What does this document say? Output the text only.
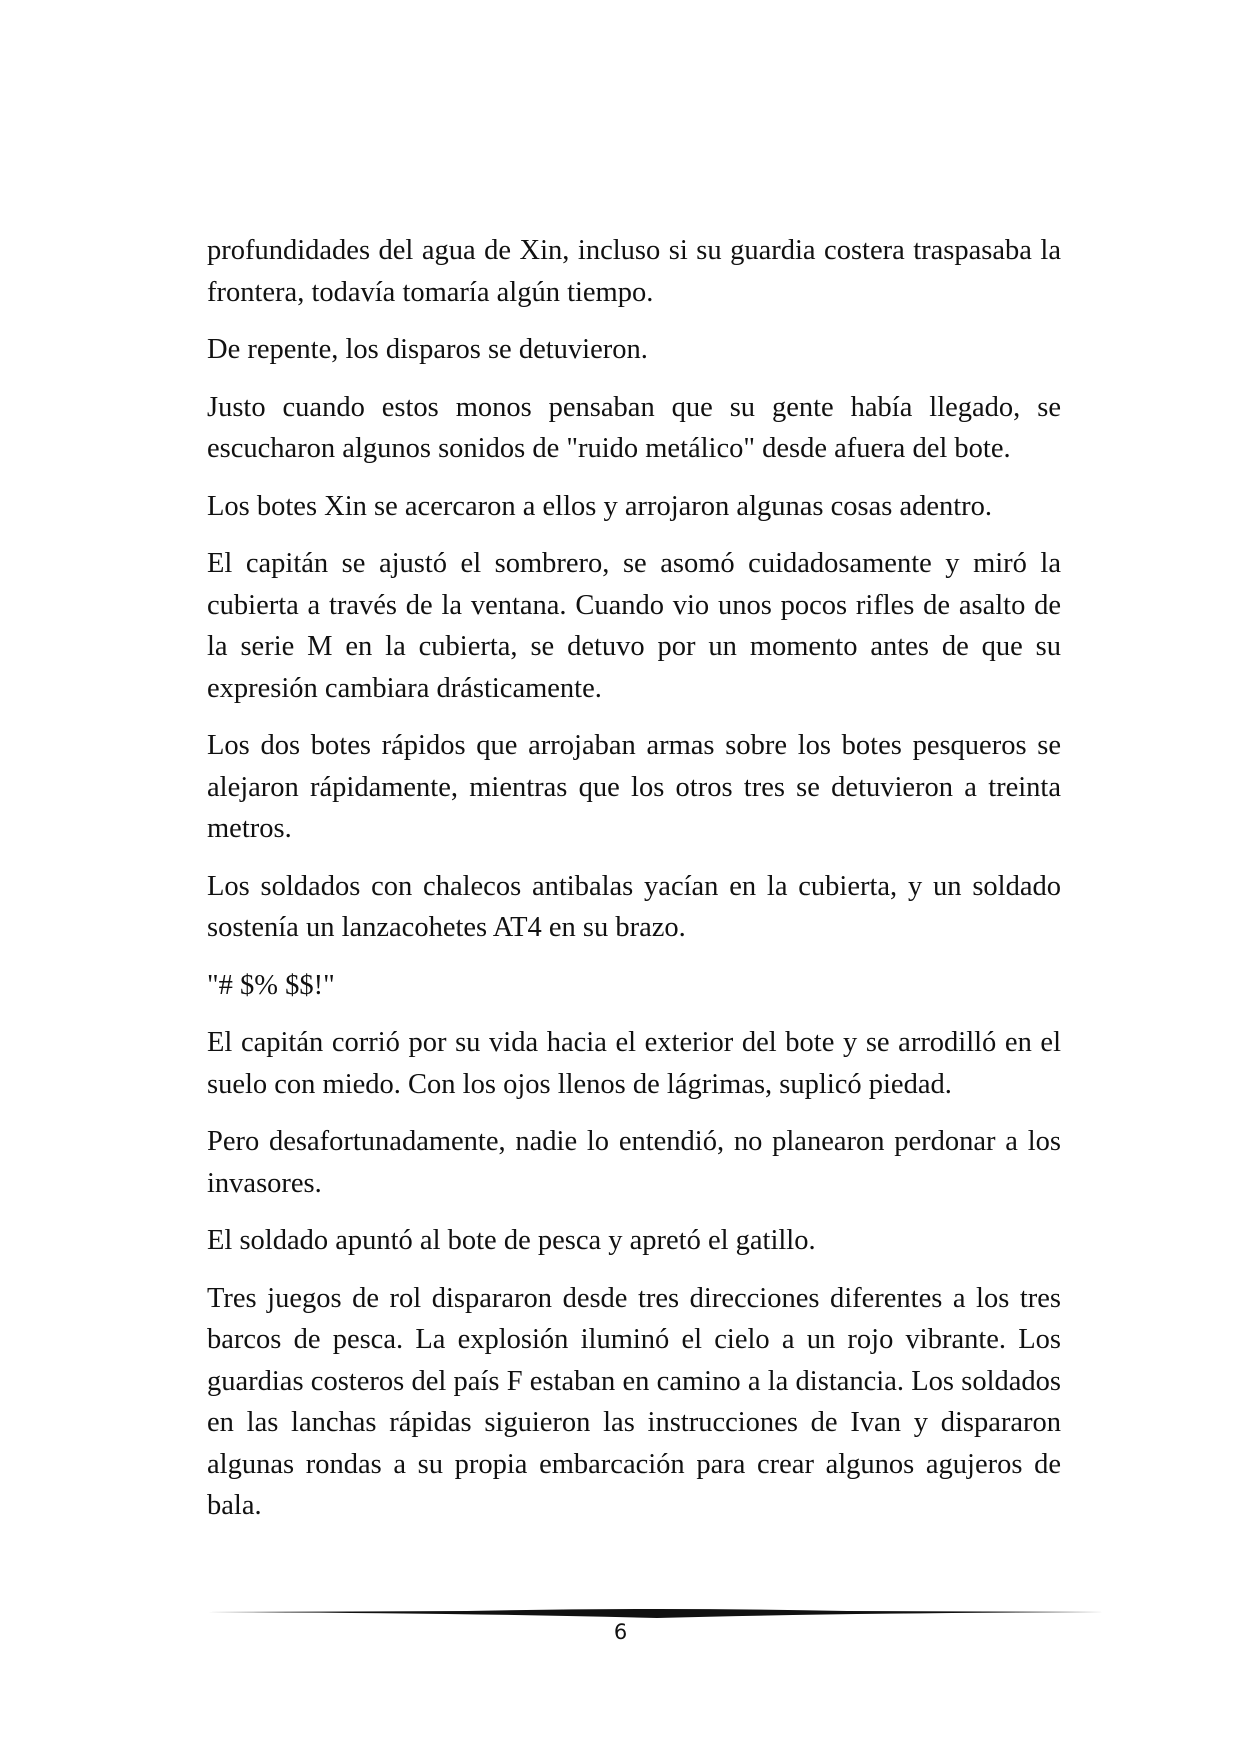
profundidades del agua de Xin, incluso si su guardia costera traspasaba la frontera, todavía tomaría algún tiempo.

De repente, los disparos se detuvieron.

Justo cuando estos monos pensaban que su gente había llegado, se escucharon algunos sonidos de "ruido metálico" desde afuera del bote.

Los botes Xin se acercaron a ellos y arrojaron algunas cosas adentro.

El capitán se ajustó el sombrero, se asomó cuidadosamente y miró la cubierta a través de la ventana. Cuando vio unos pocos rifles de asalto de la serie M en la cubierta, se detuvo por un momento antes de que su expresión cambiara drásticamente.

Los dos botes rápidos que arrojaban armas sobre los botes pesqueros se alejaron rápidamente, mientras que los otros tres se detuvieron a treinta metros.

Los soldados con chalecos antibalas yacían en la cubierta, y un soldado sostenía un lanzacohetes AT4 en su brazo.

"# $% $$!"

El capitán corrió por su vida hacia el exterior del bote y se arrodilló en el suelo con miedo. Con los ojos llenos de lágrimas, suplicó piedad.

Pero desafortunadamente, nadie lo entendió, no planearon perdonar a los invasores.

El soldado apuntó al bote de pesca y apretó el gatillo.

Tres juegos de rol dispararon desde tres direcciones diferentes a los tres barcos de pesca. La explosión iluminó el cielo a un rojo vibrante. Los guardias costeros del país F estaban en camino a la distancia. Los soldados en las lanchas rápidas siguieron las instrucciones de Ivan y dispararon algunas rondas a su propia embarcación para crear algunos agujeros de bala.

6
